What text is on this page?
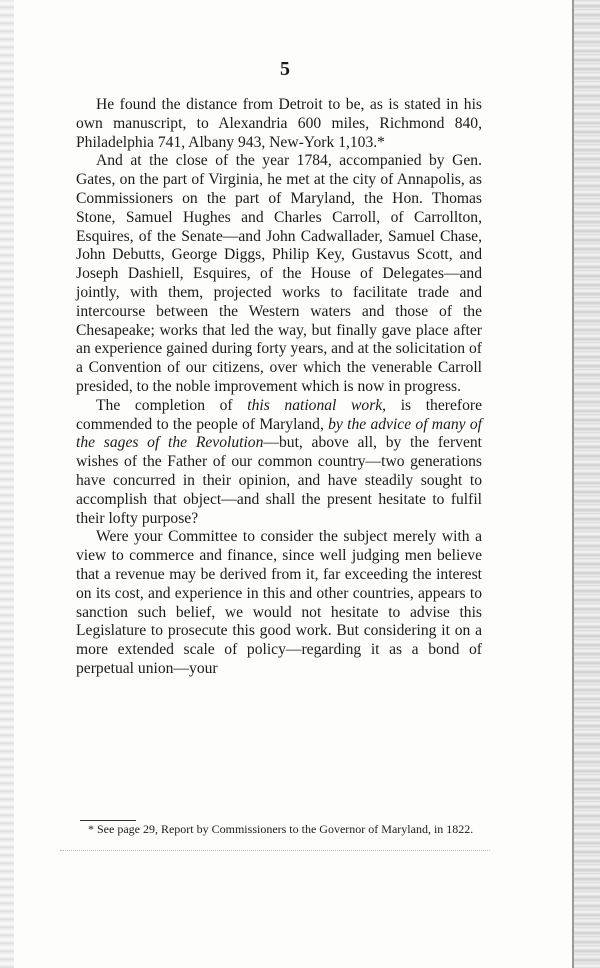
5

He found the distance from Detroit to be, as is stated in his own manuscript, to Alexandria 600 miles, Richmond 840, Philadelphia 741, Albany 943, New-York 1,103.*

And at the close of the year 1784, accompanied by Gen. Gates, on the part of Virginia, he met at the city of Annapolis, as Commissioners on the part of Maryland, the Hon. Thomas Stone, Samuel Hughes and Charles Carroll, of Carrollton, Esquires, of the Senate—and John Cadwallader, Samuel Chase, John Debutts, George Diggs, Philip Key, Gustavus Scott, and Joseph Dashiell, Esquires, of the House of Delegates—and jointly, with them, projected works to facilitate trade and intercourse between the Western waters and those of the Chesapeake; works that led the way, but finally gave place after an experience gained during forty years, and at the solicitation of a Convention of our citizens, over which the venerable Carroll presided, to the noble improvement which is now in progress.

The completion of this national work, is therefore commended to the people of Maryland, by the advice of many of the sages of the Revolution—but, above all, by the fervent wishes of the Father of our common country—two generations have concurred in their opinion, and have steadily sought to accomplish that object—and shall the present hesitate to fulfil their lofty purpose?

Were your Committee to consider the subject merely with a view to commerce and finance, since well judging men believe that a revenue may be derived from it, far exceeding the interest on its cost, and experience in this and other countries, appears to sanction such belief, we would not hesitate to advise this Legislature to prosecute this good work. But considering it on a more extended scale of policy—regarding it as a bond of perpetual union—your

* See page 29, Report by Commissioners to the Governor of Maryland, in 1822.
